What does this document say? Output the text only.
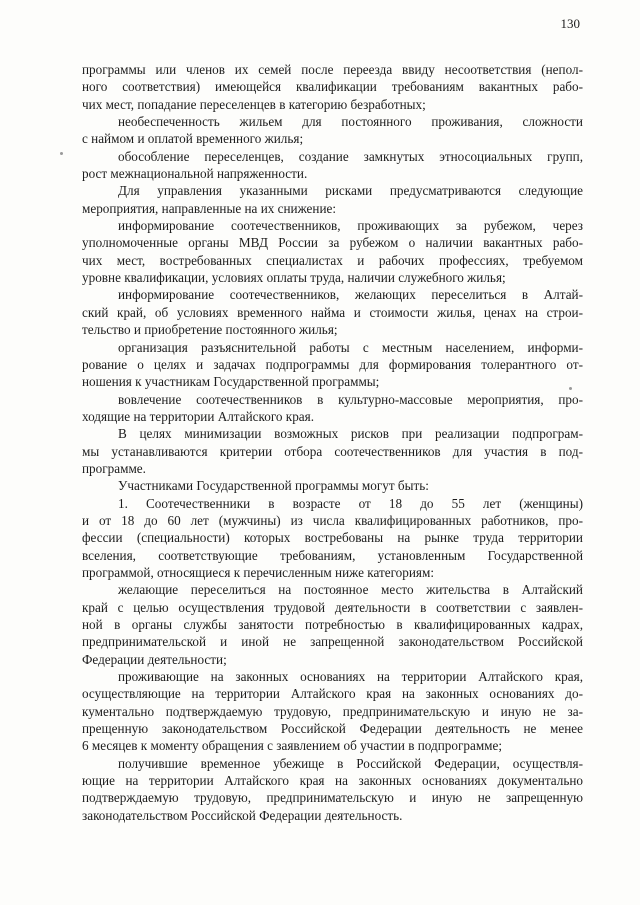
130
программы или членов их семей после переезда ввиду несоответствия (непол-
ного соответствия) имеющейся квалификации требованиям вакантных рабо-
чих мест, попадание переселенцев в категорию безработных;
необеспеченность жильем для постоянного проживания, сложности
с наймом и оплатой временного жилья;
обособление переселенцев, создание замкнутых этносоциальных групп,
рост межнациональной напряженности.
Для управления указанными рисками предусматриваются следующие
мероприятия, направленные на их снижение:
информирование соотечественников, проживающих за рубежом, через
уполномоченные органы МВД России за рубежом о наличии вакантных рабо-
чих мест, востребованных специалистах и рабочих профессиях, требуемом
уровне квалификации, условиях оплаты труда, наличии служебного жилья;
информирование соотечественников, желающих переселиться в Алтай-
ский край, об условиях временного найма и стоимости жилья, ценах на строи-
тельство и приобретение постоянного жилья;
организация разъяснительной работы с местным населением, информи-
рование о целях и задачах подпрограммы для формирования толерантного от-
ношения к участникам Государственной программы;
вовлечение соотечественников в культурно-массовые мероприятия, про-
ходящие на территории Алтайского края.
В целях минимизации возможных рисков при реализации подпрограм-
мы устанавливаются критерии отбора соотечественников для участия в под-
программе.
Участниками Государственной программы могут быть:
1. Соотечественники в возрасте от 18 до 55 лет (женщины)
и от 18 до 60 лет (мужчины) из числа квалифицированных работников, про-
фессии (специальности) которых востребованы на рынке труда территории
вселения, соответствующие требованиям, установленным Государственной
программой, относящиеся к перечисленным ниже категориям:
желающие переселиться на постоянное место жительства в Алтайский
край с целью осуществления трудовой деятельности в соответствии с заявлен-
ной в органы службы занятости потребностью в квалифицированных кадрах,
предпринимательской и иной не запрещенной законодательством Российской
Федерации деятельности;
проживающие на законных основаниях на территории Алтайского края,
осуществляющие на территории Алтайского края на законных основаниях до-
кументально подтверждаемую трудовую, предпринимательскую и иную не за-
прещенную законодательством Российской Федерации деятельность не менее
6 месяцев к моменту обращения с заявлением об участии в подпрограмме;
получившие временное убежище в Российской Федерации, осуществля-
ющие на территории Алтайского края на законных основаниях документально
подтверждаемую трудовую, предпринимательскую и иную не запрещенную
законодательством Российской Федерации деятельность.
